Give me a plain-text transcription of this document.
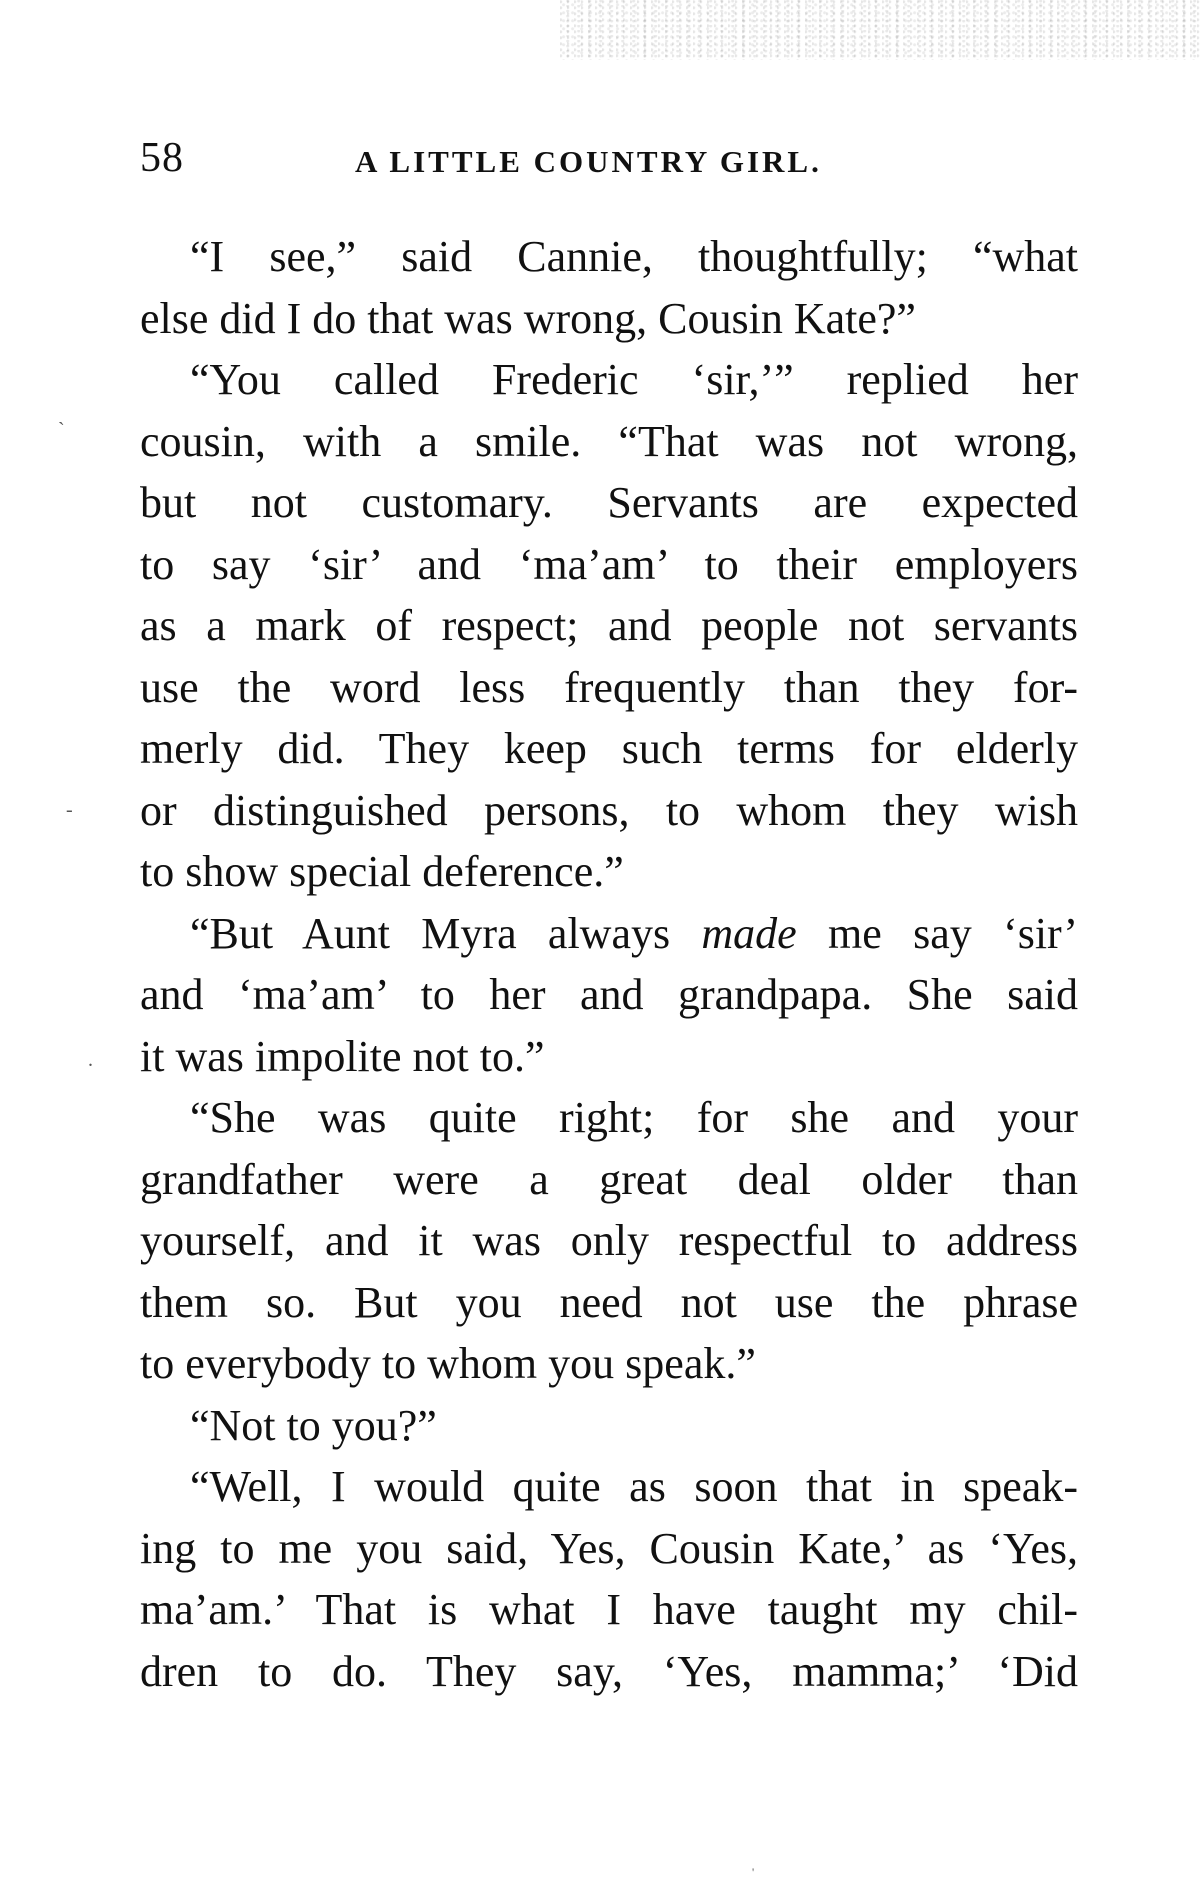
58	A LITTLE COUNTRY GIRL.
“I see,” said Cannie, thoughtfully; “what
else did I do that was wrong, Cousin Kate?”
“You called Frederic ‘sir,’” replied her
cousin, with a smile. “That was not wrong,
but not customary. Servants are expected
to say ‘sir’ and ‘ma’am’ to their employers
as a mark of respect; and people not servants
use the word less frequently than they for-
merly did. They keep such terms for elderly
or distinguished persons, to whom they wish
to show special deference.”
“But Aunt Myra always made me say ‘sir’
and ‘ma’am’ to her and grandpapa. She said
it was impolite not to.”
“She was quite right; for she and your
grandfather were a great deal older than
yourself, and it was only respectful to address
them so. But you need not use the phrase
to everybody to whom you speak.”
“Not to you?”
“Well, I would quite as soon that in speak-
ing to me you said, Yes, Cousin Kate,’ as ‘Yes,
ma’am.’ That is what I have taught my chil-
dren to do. They say, ‘Yes, mamma;’ ‘Did
ˋ
-
.
'
